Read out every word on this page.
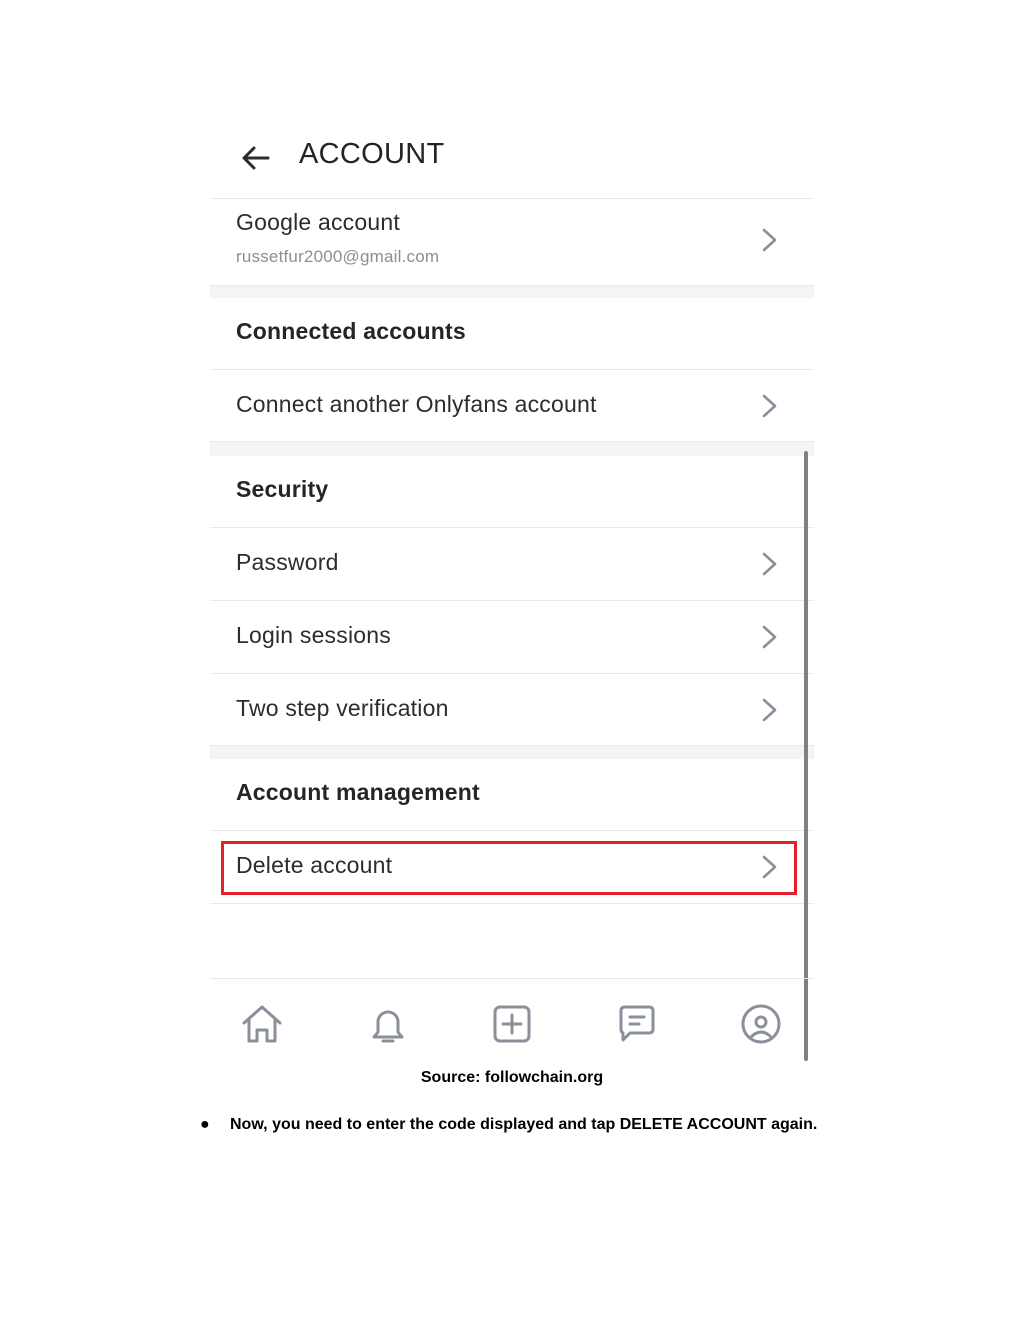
ACCOUNT
Google account
russetfur2000@gmail.com
Connected accounts
Connect another Onlyfans account
Security
Password
Login sessions
Two step verification
Account management
Delete account
Source: followchain.org
● Now, you need to enter the code displayed and tap DELETE ACCOUNT again.
